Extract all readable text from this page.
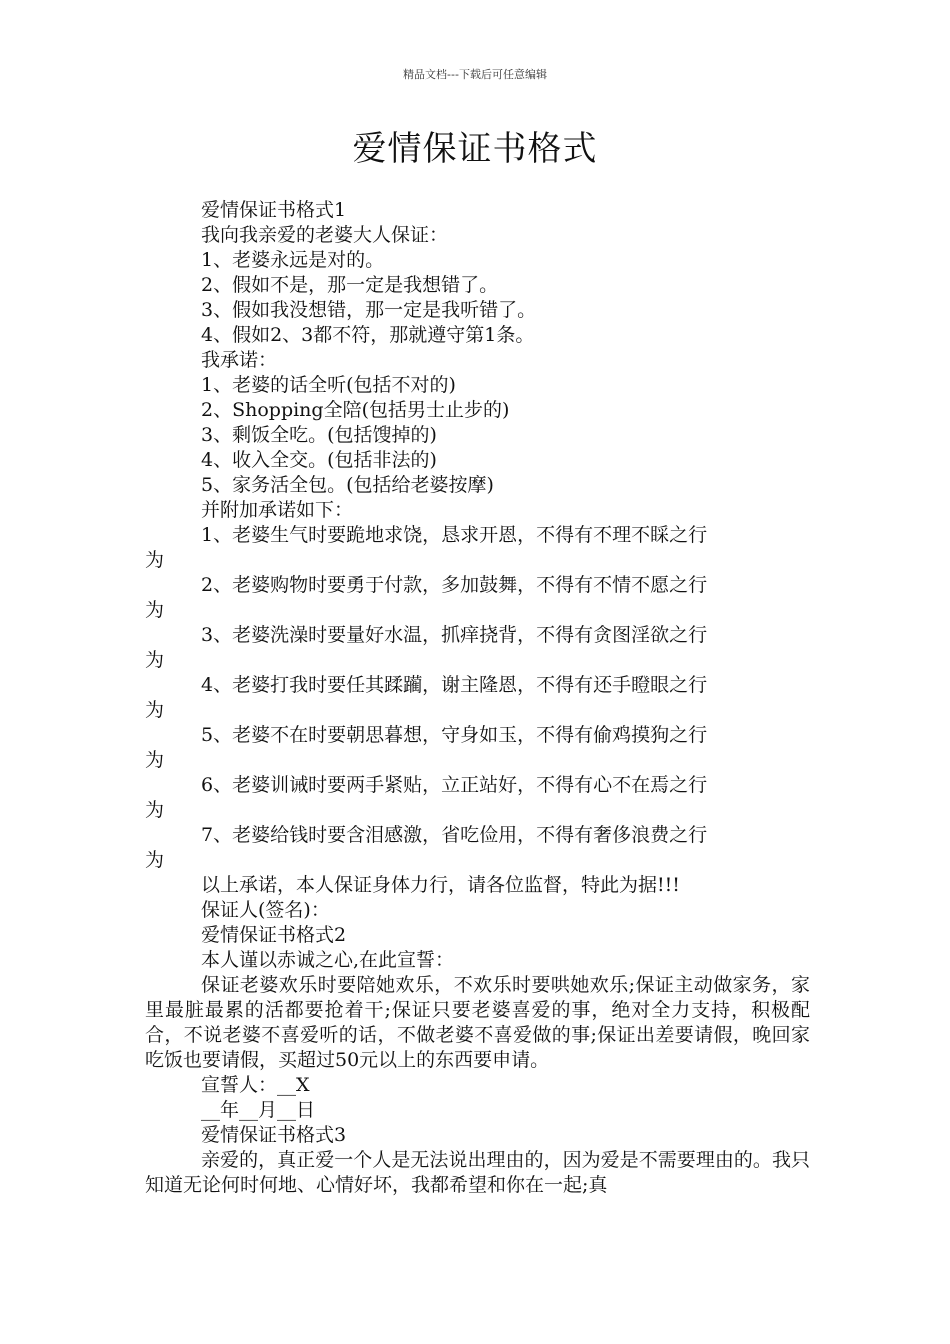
精品文档---下载后可任意编辑
爱情保证书格式
爱情保证书格式1
我向我亲爱的老婆大人保证：
1、老婆永远是对的。
2、假如不是，那一定是我想错了。
3、假如我没想错，那一定是我听错了。
4、假如2、3都不符，那就遵守第1条。
我承诺：
1、老婆的话全听(包括不对的)
2、Shopping全陪(包括男士止步的)
3、剩饭全吃。(包括馊掉的)
4、收入全交。(包括非法的)
5、家务活全包。(包括给老婆按摩)
并附加承诺如下：
1、老婆生气时要跪地求饶，恳求开恩，不得有不理不睬之行
为
2、老婆购物时要勇于付款，多加鼓舞，不得有不情不愿之行
为
3、老婆洗澡时要量好水温，抓痒挠背，不得有贪图淫欲之行
为
4、老婆打我时要任其蹂躏，谢主隆恩，不得有还手瞪眼之行
为
5、老婆不在时要朝思暮想，守身如玉，不得有偷鸡摸狗之行
为
6、老婆训诫时要两手紧贴，立正站好，不得有心不在焉之行
为
7、老婆给钱时要含泪感激，省吃俭用，不得有奢侈浪费之行
为
以上承诺，本人保证身体力行，请各位监督，特此为据!!!
保证人(签名)：
爱情保证书格式2
本人谨以赤诚之心,在此宣誓：
保证老婆欢乐时要陪她欢乐，不欢乐时要哄她欢乐;保证主动做家务，家里最脏最累的活都要抢着干;保证只要老婆喜爱的事，绝对全力支持，积极配合，不说老婆不喜爱听的话，不做老婆不喜爱做的事;保证出差要请假，晚回家吃饭也要请假，买超过50元以上的东西要申请。
宣誓人：__X
__年__月__日
爱情保证书格式3
亲爱的，真正爱一个人是无法说出理由的，因为爱是不需要理由的。我只知道无论何时何地、心情好坏，我都希望和你在一起;真
